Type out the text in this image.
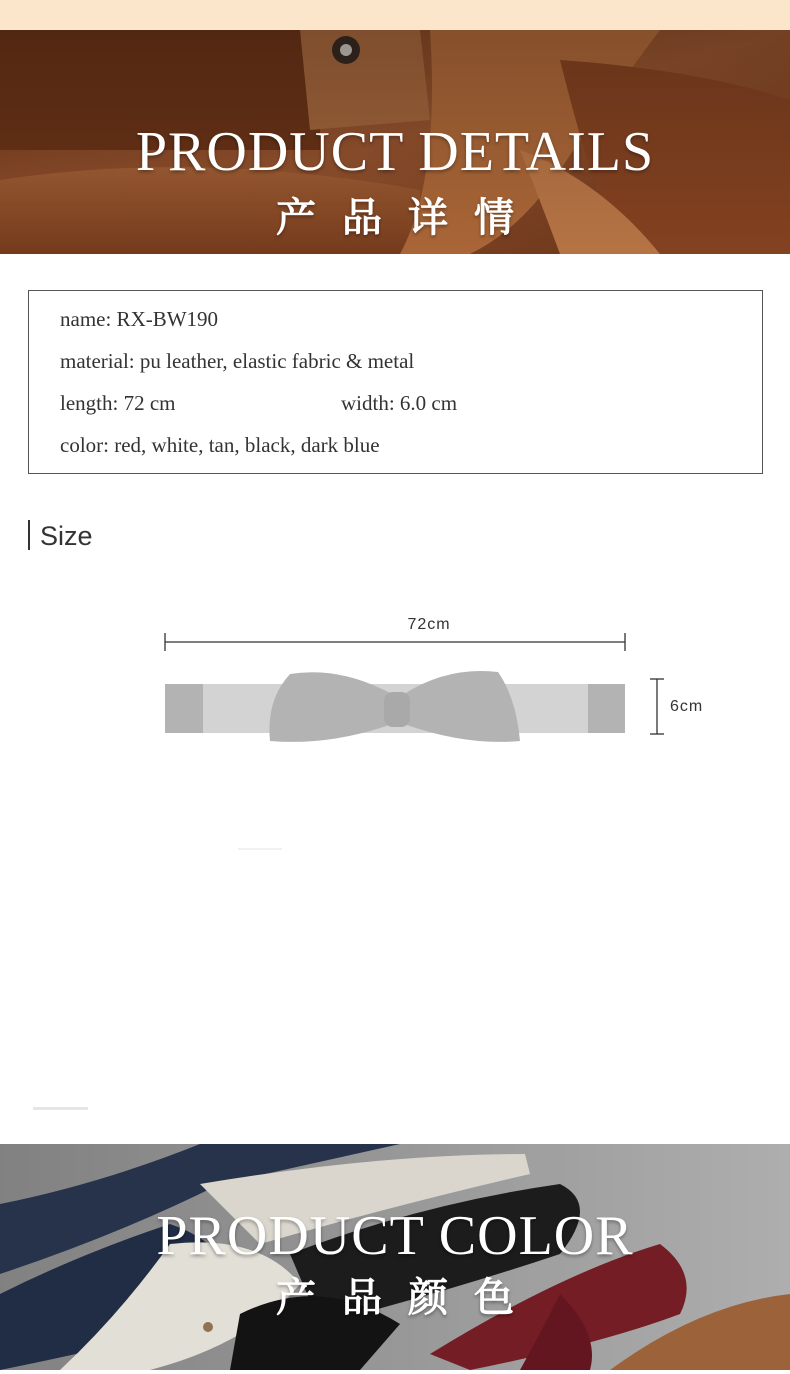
PRODUCT DETAILS
产品详情
name: RX-BW190
material: pu leather, elastic fabric & metal
length: 72 cm	width: 6.0 cm
color: red, white, tan, black, dark blue
Size
72cm
6cm
PRODUCT COLOR
产品颜色
